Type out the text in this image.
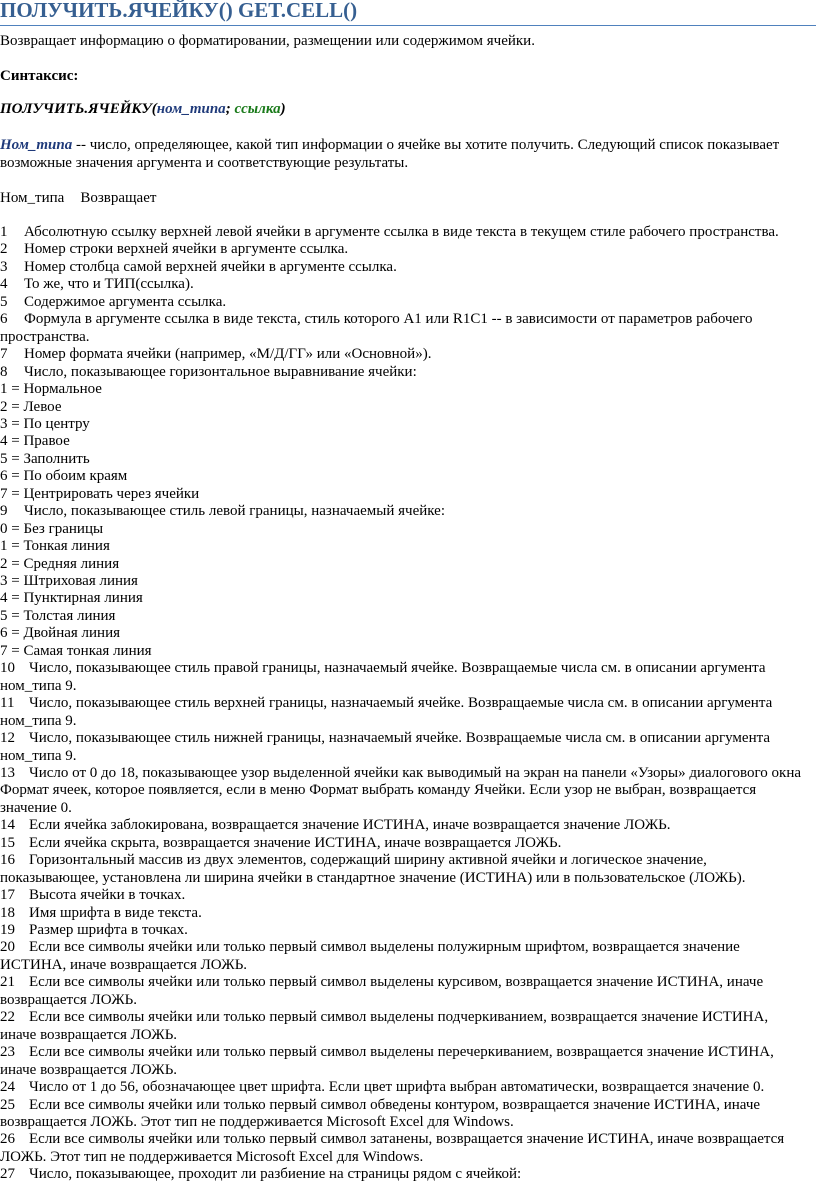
ПОЛУЧИТЬ.ЯЧЕЙКУ() GET.CELL()
Возвращает информацию о форматировании, размещении или содержимом ячейки.
Синтаксис:
ПОЛУЧИТЬ.ЯЧЕЙКУ(ном_типа; ссылка)
Ном_типа -- число, определяющее, какой тип информации о ячейке вы хотите получить. Следующий список показывает
возможные значения аргумента и соответствующие результаты.
Ном_типа Возвращает
1 Абсолютную ссылку верхней левой ячейки в аргументе ссылка в виде текста в текущем стиле рабочего пространства.
2 Номер строки верхней ячейки в аргументе ссылка.
3 Номер столбца самой верхней ячейки в аргументе ссылка.
4 То же, что и ТИП(ссылка).
5 Содержимое аргумента ссылка.
6 Формула в аргументе ссылка в виде текста, стиль которого А1 или R1C1 -- в зависимости от параметров рабочего
пространства.
7 Номер формата ячейки (например, «М/Д/ГГ» или «Основной»).
8 Число, показывающее горизонтальное выравнивание ячейки:
1 = Нормальное
2 = Левое
3 = По центру
4 = Правое
5 = Заполнить
6 = По обоим краям
7 = Центрировать через ячейки
9 Число, показывающее стиль левой границы, назначаемый ячейке:
0 = Без границы
1 = Тонкая линия
2 = Средняя линия
3 = Штриховая линия
4 = Пунктирная линия
5 = Толстая линия
6 = Двойная линия
7 = Самая тонкая линия
10 Число, показывающее стиль правой границы, назначаемый ячейке. Возвращаемые числа см. в описании аргумента
ном_типа 9.
11 Число, показывающее стиль верхней границы, назначаемый ячейке. Возвращаемые числа см. в описании аргумента
ном_типа 9.
12 Число, показывающее стиль нижней границы, назначаемый ячейке. Возвращаемые числа см. в описании аргумента
ном_типа 9.
13 Число от 0 до 18, показывающее узор выделенной ячейки как выводимый на экран на панели «Узоры» диалогового окна
Формат ячеек, которое появляется, если в меню Формат выбрать команду Ячейки. Если узор не выбран, возвращается
значение 0.
14 Если ячейка заблокирована, возвращается значение ИСТИНА, иначе возвращается значение ЛОЖЬ.
15 Если ячейка скрыта, возвращается значение ИСТИНА, иначе возвращается ЛОЖЬ.
16 Горизонтальный массив из двух элементов, содержащий ширину активной ячейки и логическое значение,
показывающее, установлена ли ширина ячейки в стандартное значение (ИСТИНА) или в пользовательское (ЛОЖЬ).
17 Высота ячейки в точках.
18 Имя шрифта в виде текста.
19 Размер шрифта в точках.
20 Если все символы ячейки или только первый символ выделены полужирным шрифтом, возвращается значение
ИСТИНА, иначе возвращается ЛОЖЬ.
21 Если все символы ячейки или только первый символ выделены курсивом, возвращается значение ИСТИНА, иначе
возвращается ЛОЖЬ.
22 Если все символы ячейки или только первый символ выделены подчеркиванием, возвращается значение ИСТИНА,
иначе возвращается ЛОЖЬ.
23 Если все символы ячейки или только первый символ выделены перечеркиванием, возвращается значение ИСТИНА,
иначе возвращается ЛОЖЬ.
24 Число от 1 до 56, обозначающее цвет шрифта. Если цвет шрифта выбран автоматически, возвращается значение 0.
25 Если все символы ячейки или только первый символ обведены контуром, возвращается значение ИСТИНА, иначе
возвращается ЛОЖЬ. Этот тип не поддерживается Microsoft Excel для Windows.
26 Если все символы ячейки или только первый символ затанены, возвращается значение ИСТИНА, иначе возвращается
ЛОЖЬ. Этот тип не поддерживается Microsoft Excel для Windows.
27 Число, показывающее, проходит ли разбиение на страницы рядом с ячейкой:
